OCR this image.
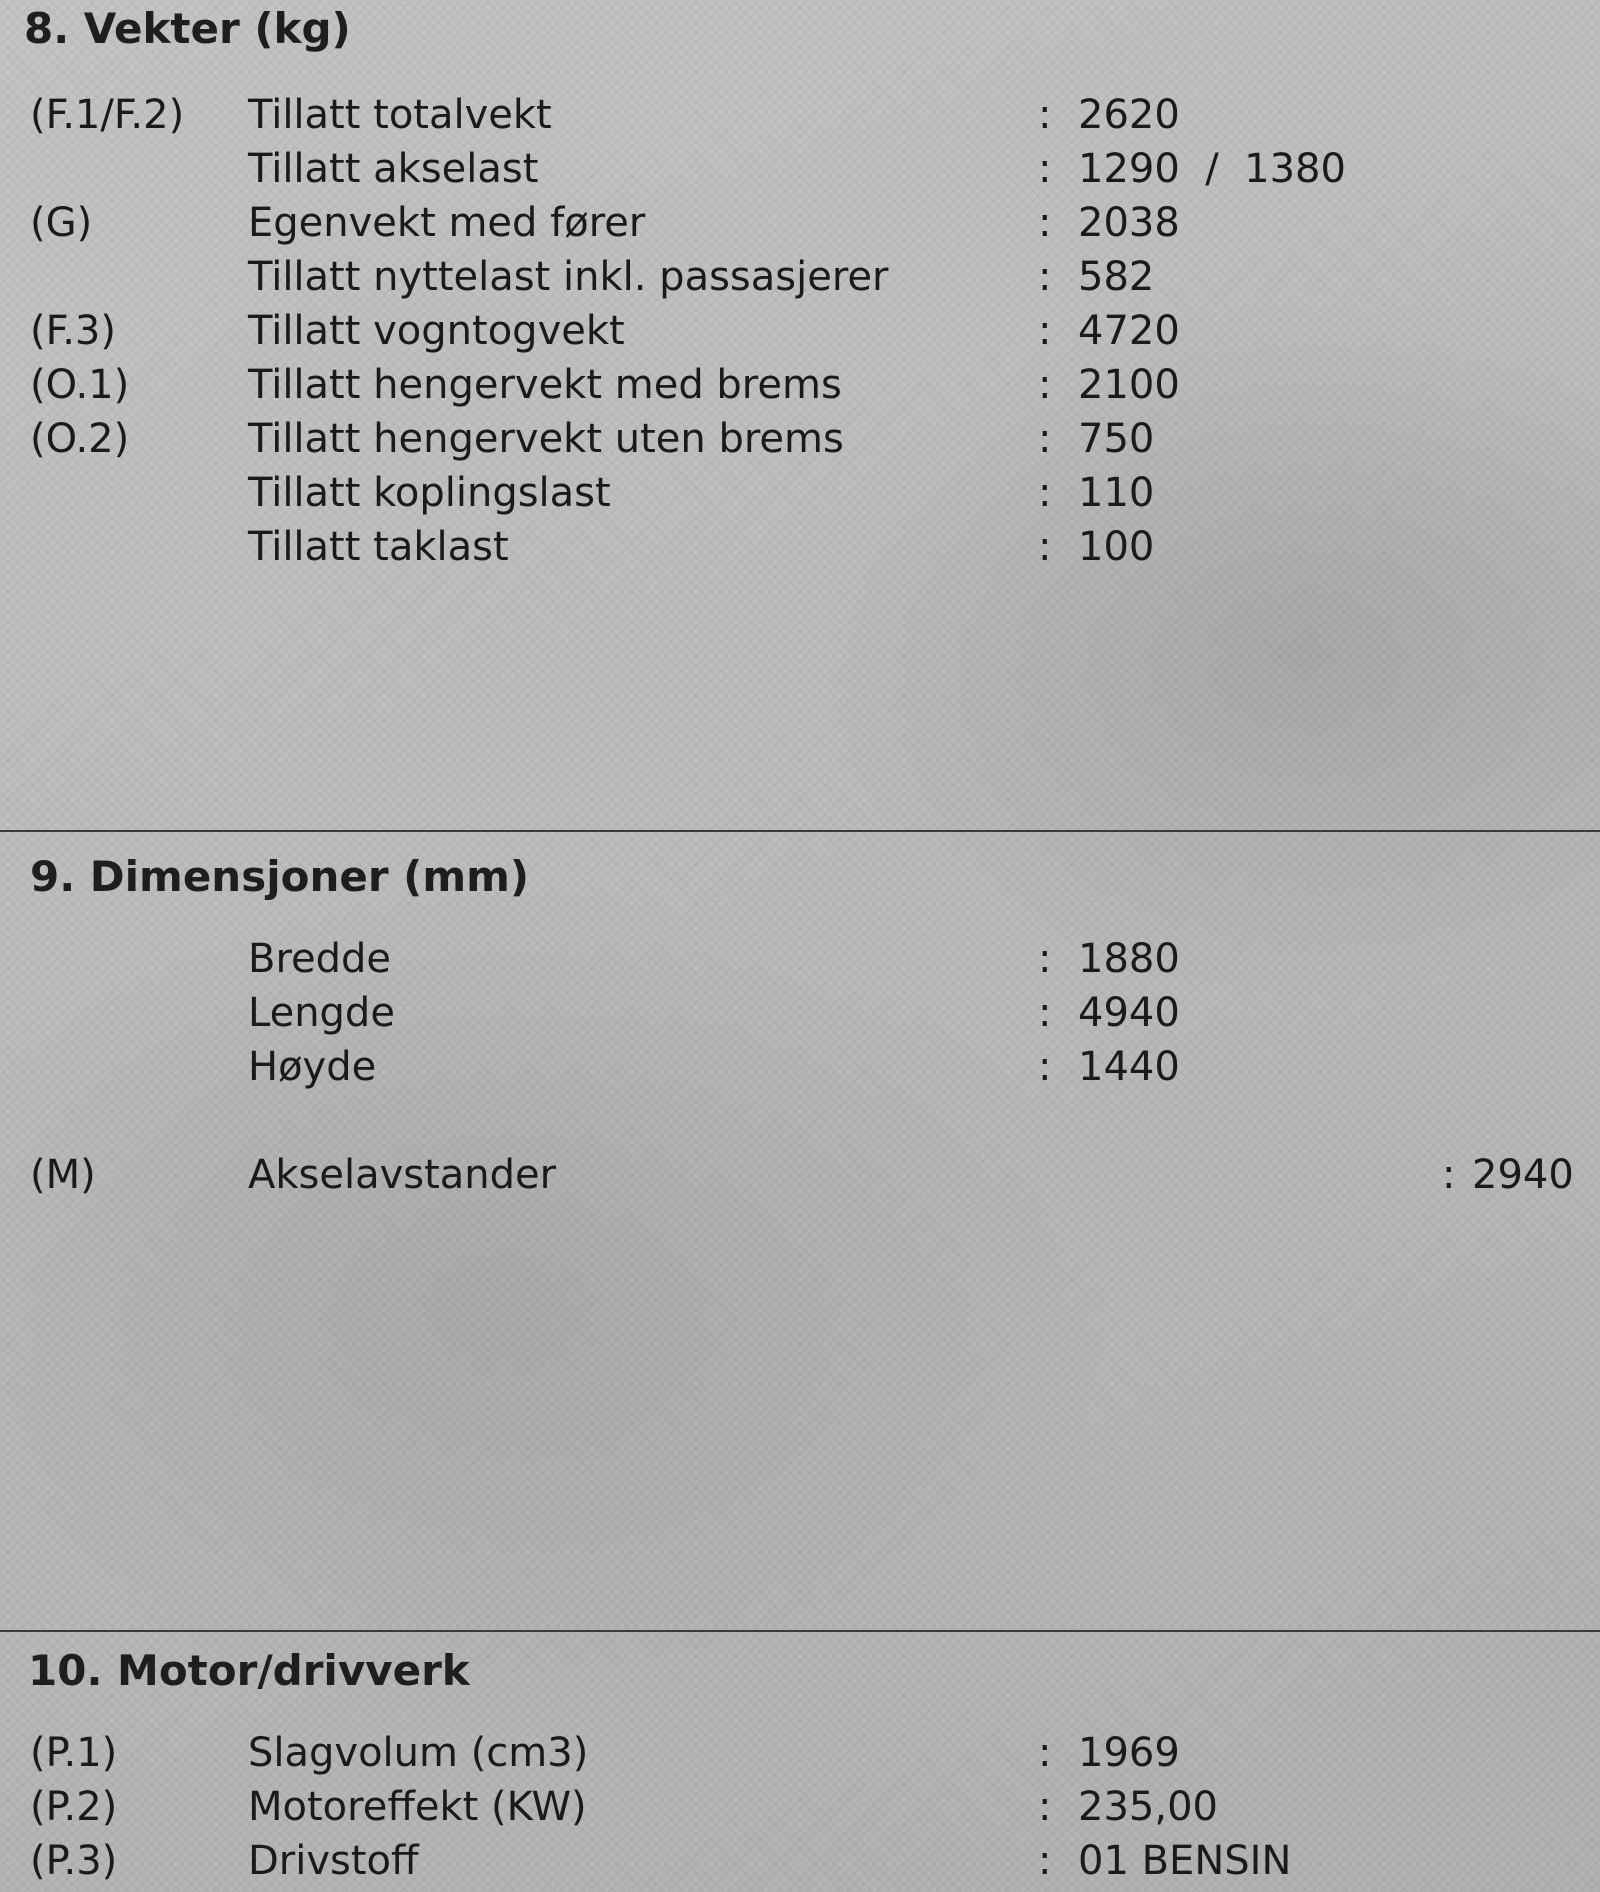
8. Vekter (kg)
(F.1/F.2) Tillatt totalvekt	: 2620
Tillatt akselast	: 1290  /  1380
(G)	Egenvekt med fører	: 2038
Tillatt nyttelast inkl. passasjerer	: 582
(F.3)	Tillatt vogntogvekt	: 4720
(O.1)	Tillatt hengervekt med brems	: 2100
(O.2)	Tillatt hengervekt uten brems	: 750
Tillatt koplingslast	: 110
Tillatt taklast	: 100
9. Dimensjoner (mm)
Bredde	: 1880
Lengde	: 4940
Høyde	: 1440
(M)	Akselavstander	: 2940
10. Motor/drivverk
(P.1)	Slagvolum (cm3)	: 1969
(P.2)	Motoreffekt (KW)	: 235,00
(P.3)	Drivstoff	: 01 BENSIN
